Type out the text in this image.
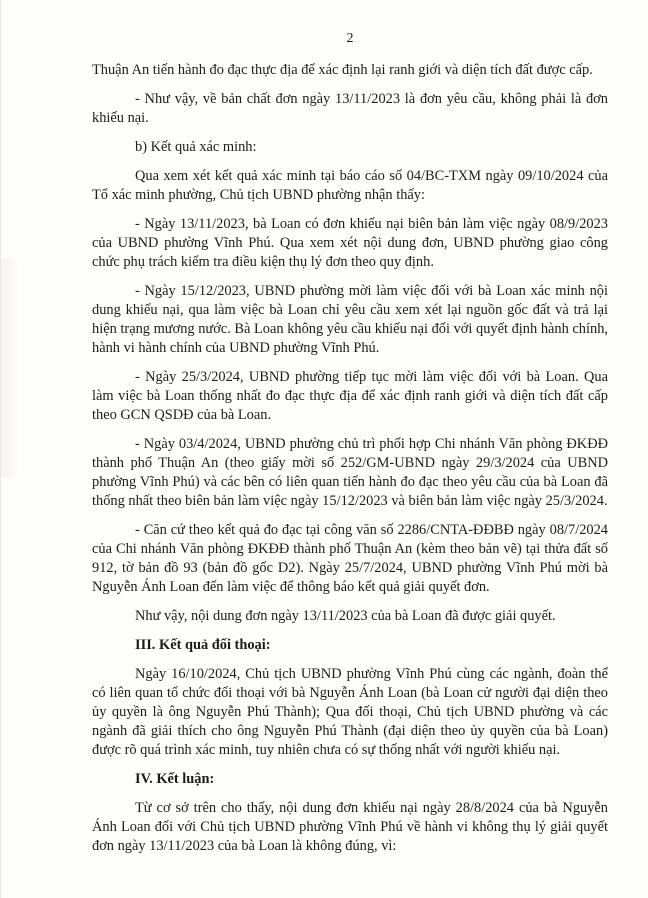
2

Thuận An tiến hành đo đạc thực địa để xác định lại ranh giới và diện tích đất được cấp.

- Như vậy, về bản chất đơn ngày 13/11/2023 là đơn yêu cầu, không phải là đơn khiếu nại.

b) Kết quả xác minh:

Qua xem xét kết quả xác minh tại báo cáo số 04/BC-TXM ngày 09/10/2024 của Tổ xác minh phường, Chủ tịch UBND phường nhận thấy:

- Ngày 13/11/2023, bà Loan có đơn khiếu nại biên bản làm việc ngày 08/9/2023 của UBND phường Vĩnh Phú. Qua xem xét nội dung đơn, UBND phường giao công chức phụ trách kiểm tra điều kiện thụ lý đơn theo quy định.

- Ngày 15/12/2023, UBND phường mời làm việc đối với bà Loan xác minh nội dung khiếu nại, qua làm việc bà Loan chỉ yêu cầu xem xét lại nguồn gốc đất và trả lại hiện trạng mương nước. Bà Loan không yêu cầu khiếu nại đối với quyết định hành chính, hành vi hành chính của UBND phường Vĩnh Phú.

- Ngày 25/3/2024, UBND phường tiếp tục mời làm việc đối với bà Loan. Qua làm việc bà Loan thống nhất đo đạc thực địa để xác định ranh giới và diện tích đất cấp theo GCN QSDĐ của bà Loan.

- Ngày 03/4/2024, UBND phường chủ trì phối hợp Chi nhánh Văn phòng ĐKĐĐ thành phố Thuận An (theo giấy mời số 252/GM-UBND ngày 29/3/2024 của UBND phường Vĩnh Phú) và các bên có liên quan tiến hành đo đạc theo yêu cầu của bà Loan đã thống nhất theo biên bản làm việc ngày 15/12/2023 và biên bản làm việc ngày 25/3/2024.

- Căn cứ theo kết quả đo đạc tại công văn số 2286/CNTA-ĐĐBĐ ngày 08/7/2024 của Chi nhánh Văn phòng ĐKĐĐ thành phố Thuận An (kèm theo bản vẽ) tại thửa đất số 912, tờ bản đồ 93 (bản đồ gốc D2). Ngày 25/7/2024, UBND phường Vĩnh Phú mời bà Nguyễn Ánh Loan đến làm việc để thông báo kết quả giải quyết đơn.

Như vậy, nội dung đơn ngày 13/11/2023 của bà Loan đã được giải quyết.

III. Kết quả đối thoại:

Ngày 16/10/2024, Chủ tịch UBND phường Vĩnh Phú cùng các ngành, đoàn thể có liên quan tổ chức đối thoại với bà Nguyễn Ánh Loan (bà Loan cử người đại diện theo ủy quyền là ông Nguyễn Phú Thành); Qua đối thoại, Chủ tịch UBND phường và các ngành đã giải thích cho ông Nguyễn Phú Thành (đại diện theo ủy quyền của bà Loan) được rõ quá trình xác minh, tuy nhiên chưa có sự thống nhất với người khiếu nại.

IV. Kết luận:

Từ cơ sở trên cho thấy, nội dung đơn khiếu nại ngày 28/8/2024 của bà Nguyễn Ánh Loan đối với Chủ tịch UBND phường Vĩnh Phú về hành vi không thụ lý giải quyết đơn ngày 13/11/2023 của bà Loan là không đúng, vì:
